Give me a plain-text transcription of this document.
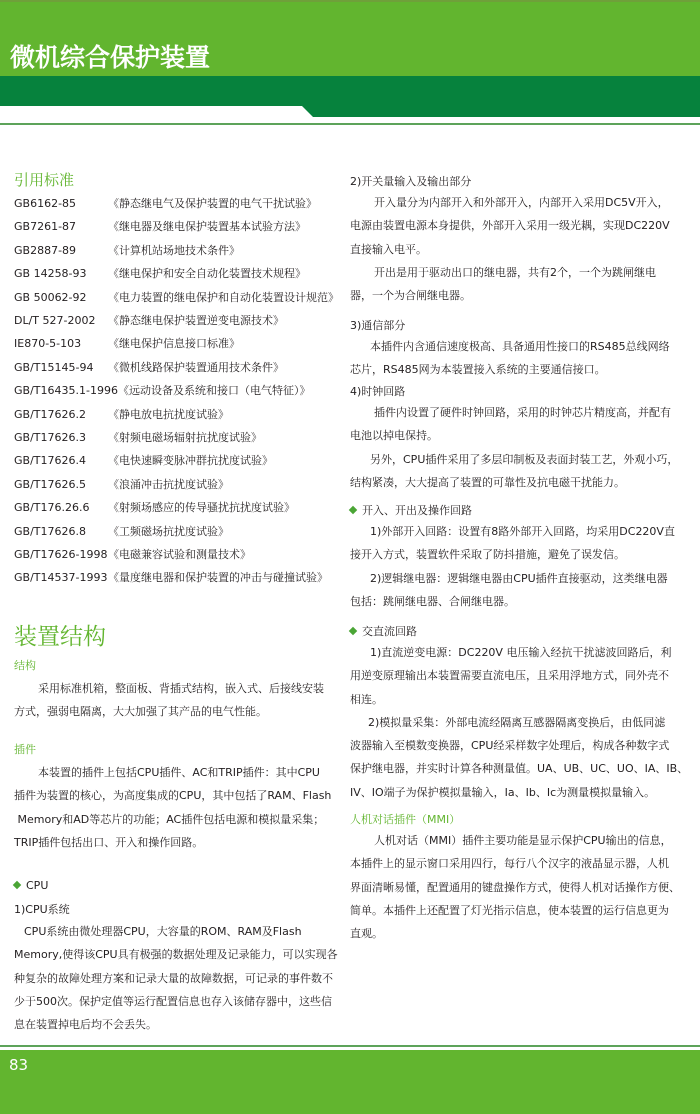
微机综合保护装置
引用标准
GB6162-85	《静态继电气及保护装置的电气干扰试验》
GB7261-87	《继电器及继电保护装置基本试验方法》
GB2887-89	《计算机站场地技术条件》
GB 14258-93 《继电保护和安全自动化装置技术规程》
GB 50062-92 《电力装置的继电保护和自动化装置设计规范》
DL/T 527-2002 《静态继电保护装置逆变电源技术》
IE870-5-103 《继电保护信息接口标准》
GB/T15145-94 《微机线路保护装置通用技术条件》
GB/T16435.1-1996《远动设备及系统和接口（电气特征）》
GB/T17626.2 《静电放电抗扰度试验》
GB/T17626.3 《射频电磁场辐射抗扰度试验》
GB/T17626.4 《电快速瞬变脉冲群抗扰度试验》
GB/T17626.5 《浪涌冲击抗扰度试验》
GB/T176.26.6 《射频场感应的传导骚扰抗扰度试验》
GB/T17626.8 《工频磁场抗扰度试验》
GB/T17626-1998《电磁兼容试验和测量技术》
GB/T14537-1993《量度继电器和保护装置的冲击与碰撞试验》
装置结构
结构
采用标准机箱，整面板、背插式结构，嵌入式、后接线安装
方式，强弱电隔离，大大加强了其产品的电气性能。
插件
本装置的插件上包括CPU插件、AC和TRIP插件：其中CPU
插件为装置的核心，为高度集成的CPU，其中包括了RAM、Flash
Memory和AD等芯片的功能；AC插件包括电源和模拟量采集；
TRIP插件包括出口、开入和操作回路。
CPU
1)CPU系统
CPU系统由微处理器CPU，大容量的ROM、RAM及Flash
Memory,使得该CPU具有极强的数据处理及记录能力，可以实现各
种复杂的故障处理方案和记录大量的故障数据，可记录的事件数不
少于500次。保护定值等运行配置信息也存入该储存器中，这些信
息在装置掉电后均不会丢失。
2)开关量输入及输出部分
开入量分为内部开入和外部开入，内部开入采用DC5V开入，
电源由装置电源本身提供，外部开入采用一级光耦，实现DC220V
直接输入电平。
开出是用于驱动出口的继电器，共有2个，一个为跳闸继电
器，一个为合闸继电器。
3)通信部分
本插件内含通信速度极高、具备通用性接口的RS485总线网络
芯片，RS485网为本装置接入系统的主要通信接口。
4)时钟回路
插件内设置了硬件时钟回路，采用的时钟芯片精度高，并配有
电池以掉电保持。
另外，CPU插件采用了多层印制板及表面封装工艺，外观小巧，
结构紧凑，大大提高了装置的可靠性及抗电磁干扰能力。
开入、开出及操作回路
1)外部开入回路：设置有8路外部开入回路，均采用DC220V直
接开入方式，装置软件采取了防抖措施，避免了误发信。
2)逻辑继电器：逻辑继电器由CPU插件直接驱动，这类继电器
包括：跳闸继电器、合闸继电器。
交直流回路
1)直流逆变电源：DC220V 电压输入经抗干扰滤波回路后，利
用逆变原理输出本装置需要直流电压，且采用浮地方式，同外壳不
相连。
2)模拟量采集：外部电流经隔离互感器隔离变换后，由低同滤
波器输入至模数变换器，CPU经采样数字处理后，构成各种数字式
保护继电器，并实时计算各种测量值。UA、UB、UC、UO、IA、IB、
IV、IO端子为保护模拟量输入，Ia、Ib、Ic为测量模拟量输入。
人机对话插件（MMI）
人机对话（MMI）插件主要功能是显示保护CPU输出的信息，
本插件上的显示窗口采用四行，每行八个汉字的液晶显示器，人机
界面清晰易懂，配置通用的键盘操作方式，使得人机对话操作方便、
简单。本插件上还配置了灯光指示信息，使本装置的运行信息更为
直观。
83
